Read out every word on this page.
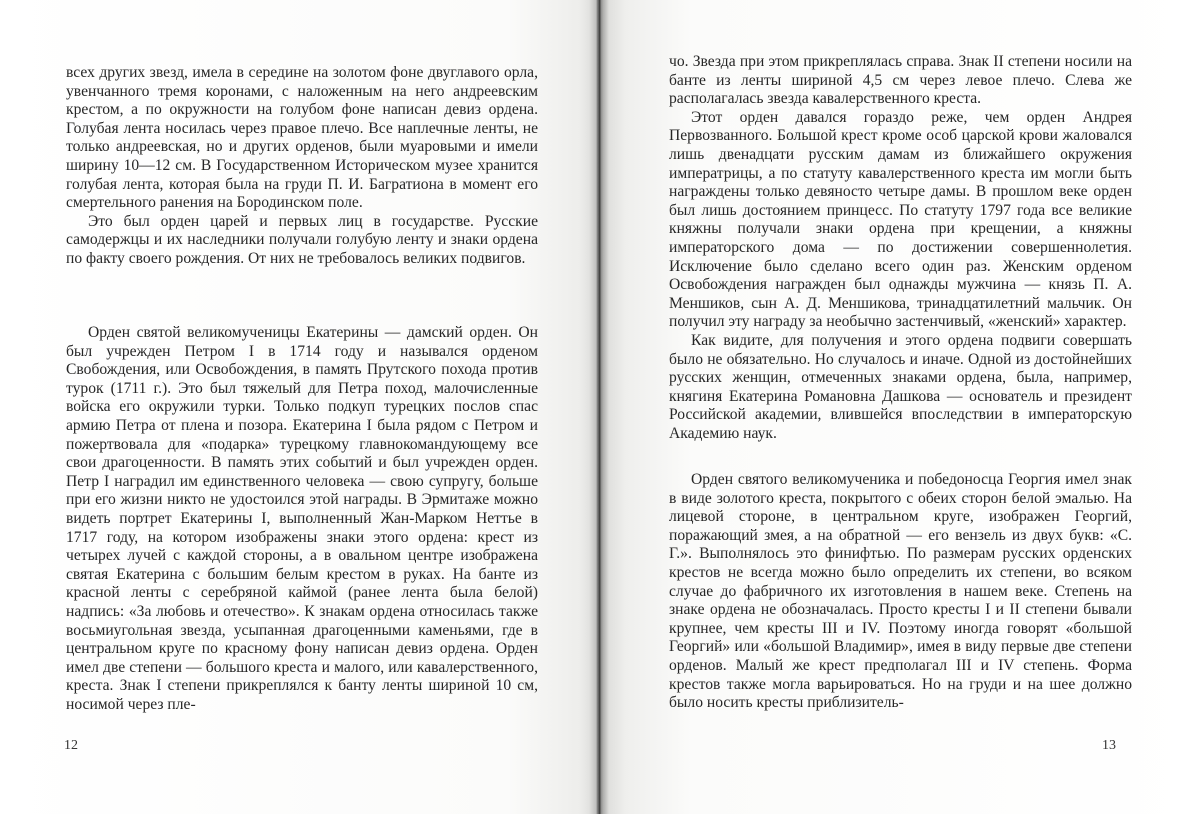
всех других звезд, имела в середине на золотом фоне двуглавого орла, увенчанного тремя коронами, с наложенным на него андреевским крестом, а по окружности на голубом фоне написан девиз ордена. Голубая лента носилась через правое плечо. Все наплечные ленты, не только андреевская, но и других орденов, были муаровыми и имели ширину 10—12 см. В Государственном Историческом музее хранится голубая лента, которая была на груди П. И. Багратиона в момент его смертельного ранения на Бородинском поле.

Это был орден царей и первых лиц в государстве. Русские самодержцы и их наследники получали голубую ленту и знаки ордена по факту своего рождения. От них не требовалось великих подвигов.

Орден святой великомученицы Екатерины — дамский орден. Он был учрежден Петром I в 1714 году и назывался орденом Свобождения, или Освобождения, в память Прутского похода против турок (1711 г.). Это был тяжелый для Петра поход, малочисленные войска его окружили турки. Только подкуп турецких послов спас армию Петра от плена и позора. Екатерина I была рядом с Петром и пожертвовала для «подарка» турецкому главнокомандующему все свои драгоценности. В память этих событий и был учрежден орден. Петр I наградил им единственного человека — свою супругу, больше при его жизни никто не удостоился этой награды. В Эрмитаже можно видеть портрет Екатерины I, выполненный Жан-Марком Неттье в 1717 году, на котором изображены знаки этого ордена: крест из четырех лучей с каждой стороны, а в овальном центре изображена святая Екатерина с большим белым крестом в руках. На банте из красной ленты с серебряной каймой (ранее лента была белой) надпись: «За любовь и отечество». К знакам ордена относилась также восьмиугольная звезда, усыпанная драгоценными каменьями, где в центральном круге по красному фону написан девиз ордена. Орден имел две степени — большого креста и малого, или кавалерственного, креста. Знак I степени прикреплялся к банту ленты шириной 10 см, носимой через пле-

12

чо. Звезда при этом прикреплялась справа. Знак II степени носили на банте из ленты шириной 4,5 см через левое плечо. Слева же располагалась звезда кавалерственного креста.

Этот орден давался гораздо реже, чем орден Андрея Первозванного. Большой крест кроме особ царской крови жаловался лишь двенадцати русским дамам из ближайшего окружения императрицы, а по статуту кавалерственного креста им могли быть награждены только девяносто четыре дамы. В прошлом веке орден был лишь достоянием принцесс. По статуту 1797 года все великие княжны получали знаки ордена при крещении, а княжны императорского дома — по достижении совершеннолетия. Исключение было сделано всего один раз. Женским орденом Освобождения награжден был однажды мужчина — князь П. А. Меншиков, сын А. Д. Меншикова, тринадцатилетний мальчик. Он получил эту награду за необычно застенчивый, «женский» характер.

Как видите, для получения и этого ордена подвиги совершать было не обязательно. Но случалось и иначе. Одной из достойнейших русских женщин, отмеченных знаками ордена, была, например, княгиня Екатерина Романовна Дашкова — основатель и президент Российской академии, влившейся впоследствии в императорскую Академию наук.

Орден святого великомученика и победоносца Георгия имел знак в виде золотого креста, покрытого с обеих сторон белой эмалью. На лицевой стороне, в центральном круге, изображен Георгий, поражающий змея, а на обратной — его вензель из двух букв: «С. Г.». Выполнялось это финифтью. По размерам русских орденских крестов не всегда можно было определить их степени, во всяком случае до фабричного их изготовления в нашем веке. Степень на знаке ордена не обозначалась. Просто кресты I и II степени бывали крупнее, чем кресты III и IV. Поэтому иногда говорят «большой Георгий» или «большой Владимир», имея в виду первые две степени орденов. Малый же крест предполагал III и IV степень. Форма крестов также могла варьироваться. Но на груди и на шее должно было носить кресты приблизитель-

13
